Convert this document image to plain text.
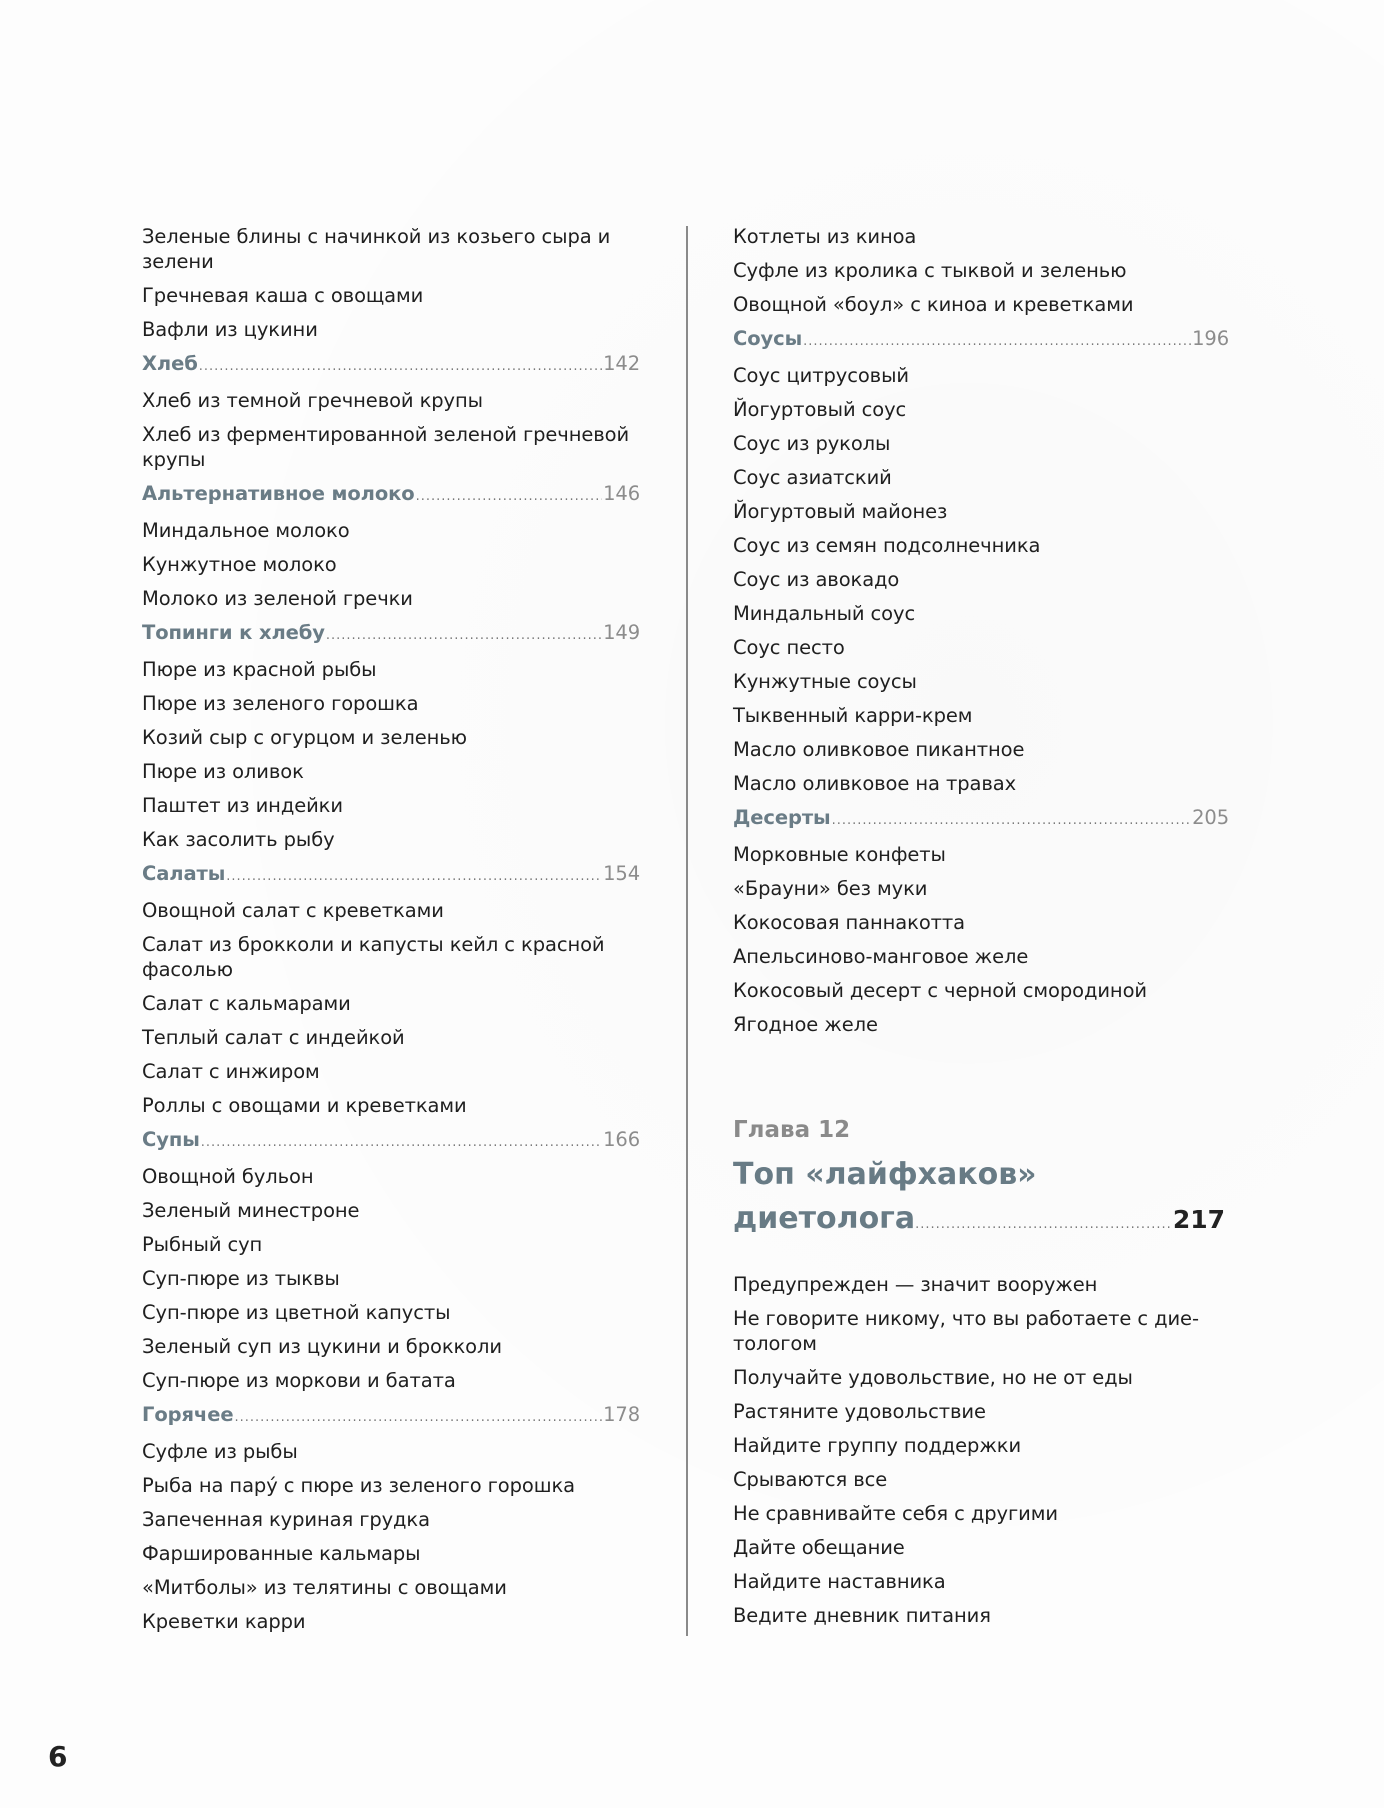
Зеленые блины с начинкой из козьего сыра и зелени
Гречневая каша с овощами
Вафли из цукини
Хлеб .....	142
Хлеб из темной гречневой крупы
Хлеб из ферментированной зеленой гречневой крупы
Альтернативное молоко .....	146
Миндальное молоко
Кунжутное молоко
Молоко из зеленой гречки
Топинги к хлебу .....	149
Пюре из красной рыбы
Пюре из зеленого горошка
Козий сыр с огурцом и зеленью
Пюре из оливок
Паштет из индейки
Как засолить рыбу
Салаты .....	154
Овощной салат с креветками
Салат из брокколи и капусты кейл с красной фасолью
Салат с кальмарами
Теплый салат с индейкой
Салат с инжиром
Роллы с овощами и креветками
Супы .....	166
Овощной бульон
Зеленый минестроне
Рыбный суп
Суп-пюре из тыквы
Суп-пюре из цветной капусты
Зеленый суп из цукини и брокколи
Суп-пюре из моркови и батата
Горячее .....	178
Суфле из рыбы
Рыба на пару́ с пюре из зеленого горошка
Запеченная куриная грудка
Фаршированные кальмары
«Митболы» из телятины с овощами
Креветки карри
Котлеты из киноа
Суфле из кролика с тыквой и зеленью
Овощной «боул» с киноа и креветками
Соусы .....	196
Соус цитрусовый
Йогуртовый соус
Соус из руколы
Соус азиатский
Йогуртовый майонез
Соус из семян подсолнечника
Соус из авокадо
Миндальный соус
Соус песто
Кунжутные соусы
Тыквенный карри-крем
Масло оливковое пикантное
Масло оливковое на травах
Десерты .....	205
Морковные конфеты
«Брауни» без муки
Кокосовая паннакотта
Апельсиново-манговое желе
Кокосовый десерт с черной смородиной
Ягодное желе
Глава 12
Топ «лайфхаков»
диетолога .....	217
Предупрежден — значит вооружен
Не говорите никому, что вы работаете с дие-тологом
Получайте удовольствие, но не от еды
Растяните удовольствие
Найдите группу поддержки
Срываются все
Не сравнивайте себя с другими
Дайте обещание
Найдите наставника
Ведите дневник питания
6
